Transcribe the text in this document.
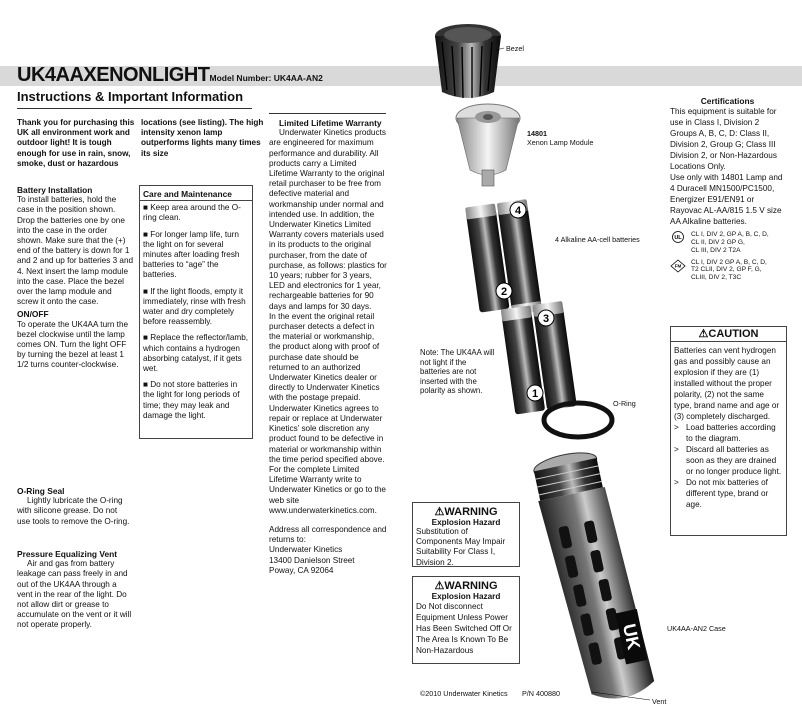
UK4AAXENONLIGHTModel Number: UK4AA-AN2
Instructions & Important Information
Thank you for purchasing this UK all environment work and outdoor light! It is tough enough for use in rain, snow, smoke, dust or hazardous
locations (see listing). The high intensity xenon lamp outperforms lights many times its size

Battery Installation

To install batteries, hold the case in the position shown. Drop the batteries one by one into the case in the order shown. Make sure that the (+) end of the battery is down for 1 and 2 and up for batteries 3 and 4. Next insert the lamp module into the case. Place the bezel over the lamp module and screw it onto the case.

ON/OFF

To operate the UK4AA turn the bezel clockwise until the lamp comes ON. Turn the light OFF by turning the bezel at least 1 1/2 turns counter-clockwise.

Care and Maintenance

■ Keep area around the O-ring clean.

■ For longer lamp life, turn the light on for several minutes after loading fresh batteries to “age” the batteries.

■ If the light floods, empty it immediately, rinse with fresh water and dry completely before reassembly.

■ Replace the reflector/lamb, which contains a hydrogen absorbing catalyst, if it gets wet.

■ Do not store batteries in the light for long periods of time; they may leak and damage the light.

O-Ring Seal

Lightly lubricate the O-ring with silicone grease. Do not use tools to remove the O-ring.

Pressure Equalizing Vent

Air and gas from battery leakage can pass freely in and out of the UK4AA through a vent in the rear of the light. Do not allow dirt or grease to accumulate on the vent or it will not operate properly.

Limited Lifetime Warranty

Underwater Kinetics products are engineered for maximum performance and durability. All products carry a Limited Lifetime Warranty to the original retail purchaser to be free from defective material and workmanship under normal and intended use. In addition, the Underwater Kinetics Limited Warranty covers materials used in its products to the original purchaser, from the date of purchase, as follows: plastics for 10 years; rubber for 3 years, LED and electronics for 1 year, rechargeable batteries for 90 days and lamps for 30 days.

In the event the original retail purchaser detects a defect in the material or workmanship, the product along with proof of purchase date should be returned to an authorized Underwater Kinetics dealer or directly to Underwater Kinetics with the postage prepaid. Underwater Kinetics agrees to repair or replace at Underwater Kinetics’ sole discretion any product found to be defective in material or workmanship within the time period specified above. For the complete Limited Lifetime Warranty write to Underwater Kinetics or go to the web site www.underwaterkinetics.com.

Address all correspondence and returns to:

Underwater Kinetics

13400 Danielson Street

Poway, CA 92064

4
2
3
1
UK
Bezel
14801
Xenon Lamp Module
4 Alkaline AA-cell batteries
Note: The UK4AA will not light if the batteries are not inserted with the polarity as shown.
O-Ring
UK4AA-AN2 Case
Vent
⚠WARNING
Explosion Hazard
Substitution of Components May Impair Suitability For Class I, Division 2.
⚠WARNING
Explosion Hazard
Do Not disconnect Equipment Unless Power Has Been Switched Off Or The Area Is Known To Be Non-Hazardous
©2010 Underwater Kinetics P/N 400880

Certifications

This equipment is suitable for use in Class I, Division 2 Groups A, B, C, D: Class II, Division 2, Group G; Class III Division 2, or Non-Hazardous Locations Only.

Use only with 14801 Lamp and 4 Duracell MN1500/PC1500, Energizer E91/EN91 or Rayovac AL-AA/815 1.5 V size AA Alkaline batteries.

UL
CL I, DIV 2, GP A, B, C, D,
CL II, DIV 2 GP G,
CL III, DIV 2 T2A
FM
CL I, DIV 2 GP A, B, C, D,
T2 CLII, DIV 2, GP F, G,
CLIII, DIV 2, T3C
⚠CAUTION

Batteries can vent hydrogen gas and possibly cause an explosion if they are (1) installed without the proper polarity, (2) not the same type, brand name and age or (3) completely discharged.

> Load batteries according to the diagram.
> Discard all batteries as soon as they are drained or no longer produce light.
> Do not mix batteries of different type, brand or age.
